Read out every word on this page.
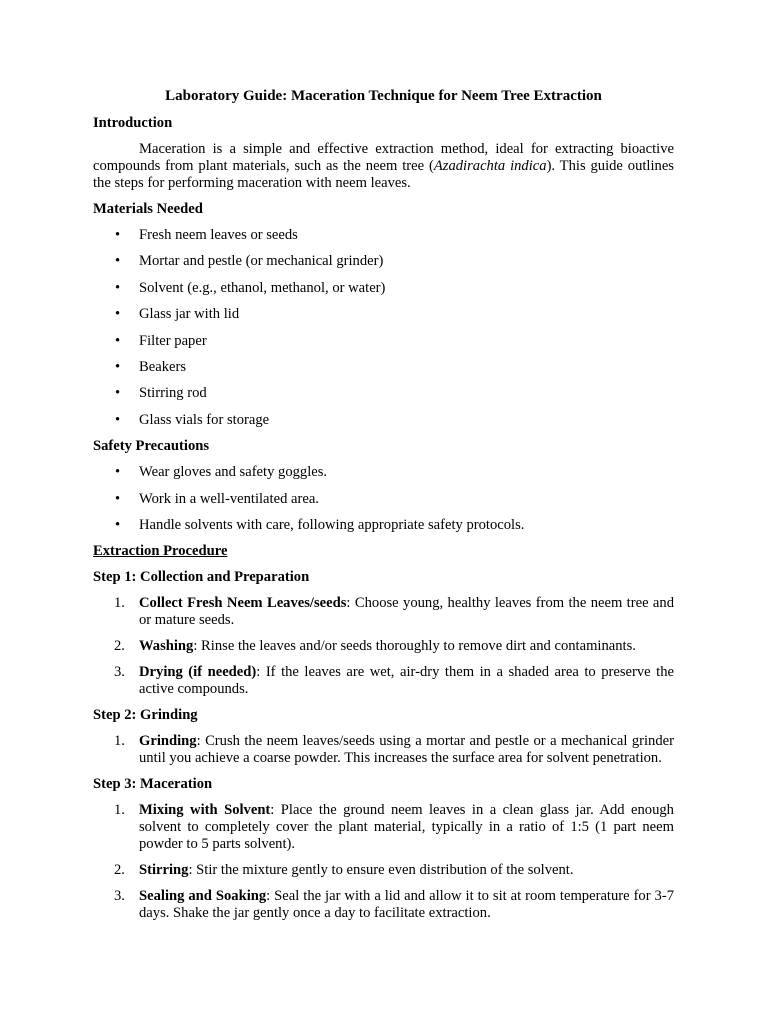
Laboratory Guide: Maceration Technique for Neem Tree Extraction
Introduction

Maceration is a simple and effective extraction method, ideal for extracting bioactive compounds from plant materials, such as the neem tree (Azadirachta indica). This guide outlines the steps for performing maceration with neem leaves.

Materials Needed
• Fresh neem leaves or seeds
• Mortar and pestle (or mechanical grinder)
• Solvent (e.g., ethanol, methanol, or water)
• Glass jar with lid
• Filter paper
• Beakers
• Stirring rod
• Glass vials for storage
Safety Precautions
• Wear gloves and safety goggles.
• Work in a well-ventilated area.
• Handle solvents with care, following appropriate safety protocols.
Extraction Procedure
Step 1: Collection and Preparation
1. Collect Fresh Neem Leaves/seeds: Choose young, healthy leaves from the neem tree and or mature seeds.
2. Washing: Rinse the leaves and/or seeds thoroughly to remove dirt and contaminants.
3. Drying (if needed): If the leaves are wet, air-dry them in a shaded area to preserve the active compounds.
Step 2: Grinding
1. Grinding: Crush the neem leaves/seeds using a mortar and pestle or a mechanical grinder until you achieve a coarse powder. This increases the surface area for solvent penetration.
Step 3: Maceration
1. Mixing with Solvent: Place the ground neem leaves in a clean glass jar. Add enough solvent to completely cover the plant material, typically in a ratio of 1:5 (1 part neem powder to 5 parts solvent).
2. Stirring: Stir the mixture gently to ensure even distribution of the solvent.
3. Sealing and Soaking: Seal the jar with a lid and allow it to sit at room temperature for 3-7 days. Shake the jar gently once a day to facilitate extraction.
